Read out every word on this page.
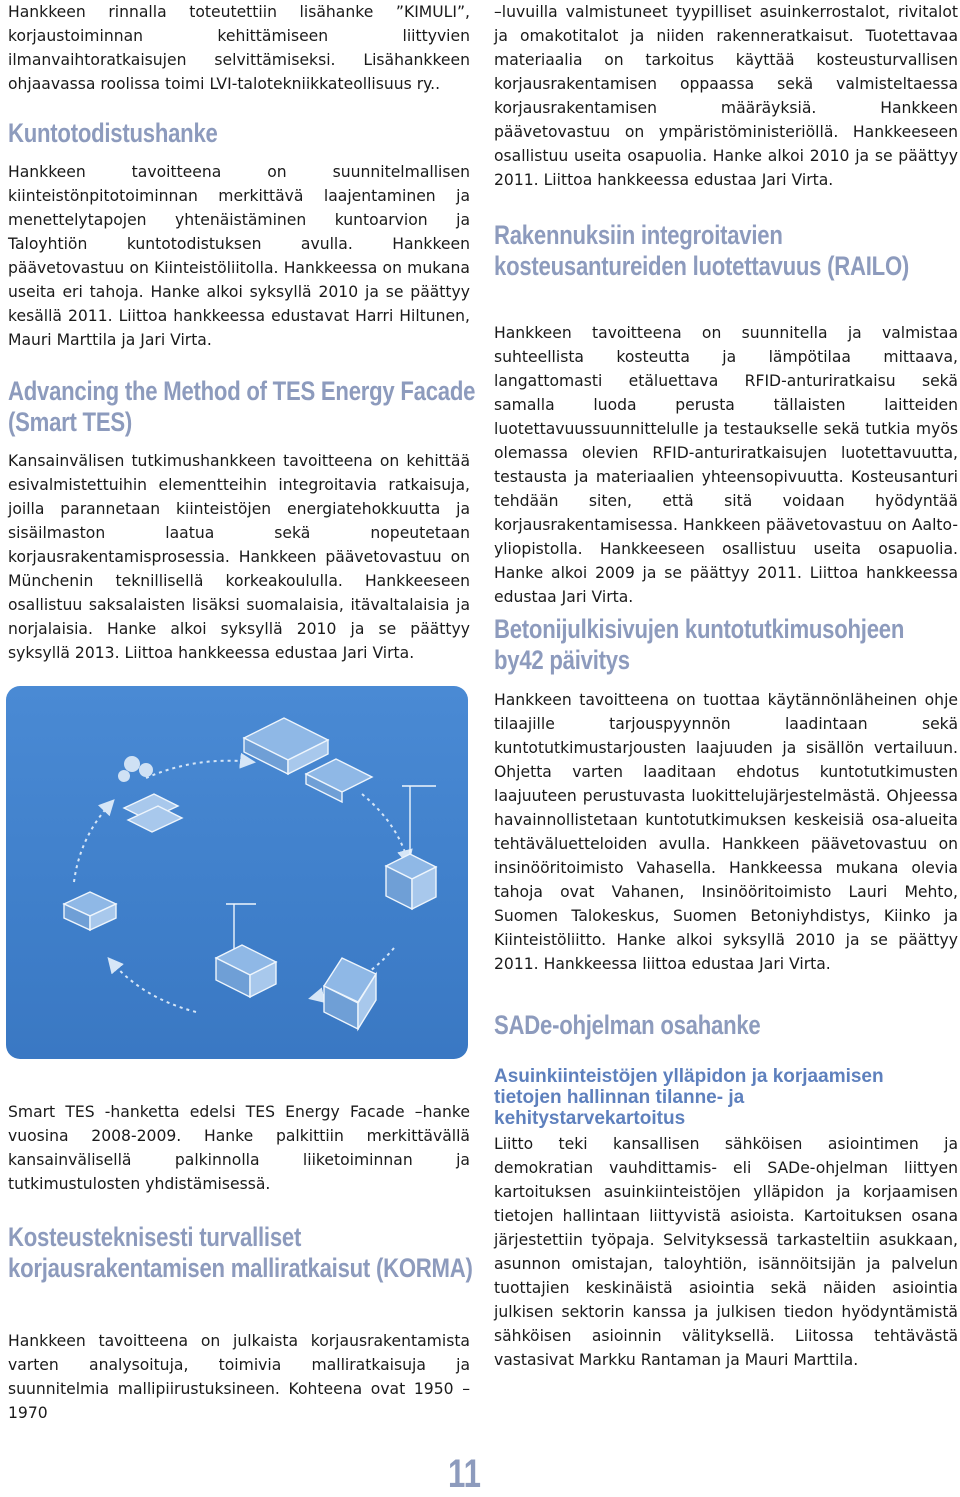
Hankkeen rinnalla toteutettiin lisähanke ”KIMULI”, korjaustoiminnan kehittämiseen liittyvien ilmanvaihtoratkaisujen selvittämiseksi. Lisähankkeen ohjaavassa roolissa toimi LVI-talotekniikkateollisuus ry..

Kuntotodistushanke

Hankkeen tavoitteena on suunnitelmallisen kiinteistönpitotoiminnan merkittävä laajentaminen ja menettelytapojen yhtenäistäminen kuntoarvion ja Taloyhtiön kuntotodistuksen avulla. Hankkeen päävetovastuu on Kiinteistöliitolla. Hankkeessa on mukana useita eri tahoja. Hanke alkoi syksyllä 2010 ja se päättyy kesällä 2011. Liittoa hankkeessa edustavat Harri Hiltunen, Mauri Marttila ja Jari Virta.

Advancing the Method of TES Energy Facade (Smart TES)

Kansainvälisen tutkimushankkeen tavoitteena on kehittää esivalmistettuihin elementteihin integroitavia ratkaisuja, joilla parannetaan kiinteistöjen energiatehokkuutta ja sisäilmaston laatua sekä nopeutetaan korjausrakentamisprosessia. Hankkeen päävetovastuu on Münchenin teknillisellä korkeakoululla. Hankkeeseen osallistuu saksalaisten lisäksi suomalaisia, itävaltalaisia ja norjalaisia. Hanke alkoi syksyllä 2010 ja se päättyy syksyllä 2013. Liittoa hankkeessa edustaa Jari Virta.

Smart TES -hanketta edelsi TES Energy Facade –hanke vuosina 2008-2009. Hanke palkittiin merkittävällä kansainvälisellä palkinnolla liiketoiminnan ja tutkimustulosten yhdistämisessä.

Kosteusteknisesti turvalliset korjausrakentamisen malliratkaisut (KORMA)

Hankkeen tavoitteena on julkaista korjausrakentamista varten analysoituja, toimivia malliratkaisuja ja suunnitelmia mallipiirustuksineen. Kohteena ovat 1950 –1970

–luvuilla valmistuneet tyypilliset asuinkerrostalot, rivitalot ja omakotitalot ja niiden rakenneratkaisut. Tuotettavaa materiaalia on tarkoitus käyttää kosteusturvallisen korjausrakentamisen oppaassa sekä valmisteltaessa korjausrakentamisen määräyksiä. Hankkeen päävetovastuu on ympäristöministeriöllä. Hankkeeseen osallistuu useita osapuolia. Hanke alkoi 2010 ja se päättyy 2011. Liittoa hankkeessa edustaa Jari Virta.

Rakennuksiin integroitavien kosteusantureiden luotettavuus (RAILO)

Hankkeen tavoitteena on suunnitella ja valmistaa suhteellista kosteutta ja lämpötilaa mittaava, langattomasti etäluettava RFID-anturiratkaisu sekä samalla luoda perusta tällaisten laitteiden luotettavuussuunnittelulle ja testaukselle sekä tutkia myös olemassa olevien RFID-anturiratkaisujen luotettavuutta, testausta ja materiaalien yhteensopivuutta. Kosteusanturi tehdään siten, että sitä voidaan hyödyntää korjausrakentamisessa. Hankkeen päävetovastuu on Aalto-yliopistolla. Hankkeeseen osallistuu useita osapuolia. Hanke alkoi 2009 ja se päättyy 2011. Liittoa hankkeessa edustaa Jari Virta.

Betonijulkisivujen kuntotutkimusohjeen by42 päivitys

Hankkeen tavoitteena on tuottaa käytännönläheinen ohje tilaajille tarjouspyynnön laadintaan sekä kuntotutkimustarjousten laajuuden ja sisällön vertailuun. Ohjetta varten laaditaan ehdotus kuntotutkimusten laajuuteen perustuvasta luokittelujärjestelmästä. Ohjeessa havainnollistetaan kuntotutkimuksen keskeisiä osa-alueita tehtäväluetteloiden avulla. Hankkeen päävetovastuu on insinööritoimisto Vahasella. Hankkeessa mukana olevia tahoja ovat Vahanen, Insinööritoimisto Lauri Mehto, Suomen Talokeskus, Suomen Betoniyhdistys, Kiinko ja Kiinteistöliitto. Hanke alkoi syksyllä 2010 ja se päättyy 2011. Hankkeessa liittoa edustaa Jari Virta.

SADe-ohjelman osahanke
Asuinkiinteistöjen ylläpidon ja korjaamisen tietojen hallinnan tilanne- ja kehitystarvekartoitus

Liitto teki kansallisen sähköisen asiointimen ja demokratian vauhdittamis- eli SADe-ohjelman liittyen kartoituksen asuinkiinteistöjen ylläpidon ja korjaamisen tietojen hallintaan liittyvistä asioista. Kartoituksen osana järjestettiin työpaja. Selvityksessä tarkasteltiin asukkaan, asunnon omistajan, taloyhtiön, isännöitsijän ja palvelun tuottajien keskinäistä asiointia sekä näiden asiointia julkisen sektorin kanssa ja julkisen tiedon hyödyntämistä sähköisen asioinnin välityksellä. Liitossa tehtävästä vastasivat Markku Rantaman ja Mauri Marttila.

11
